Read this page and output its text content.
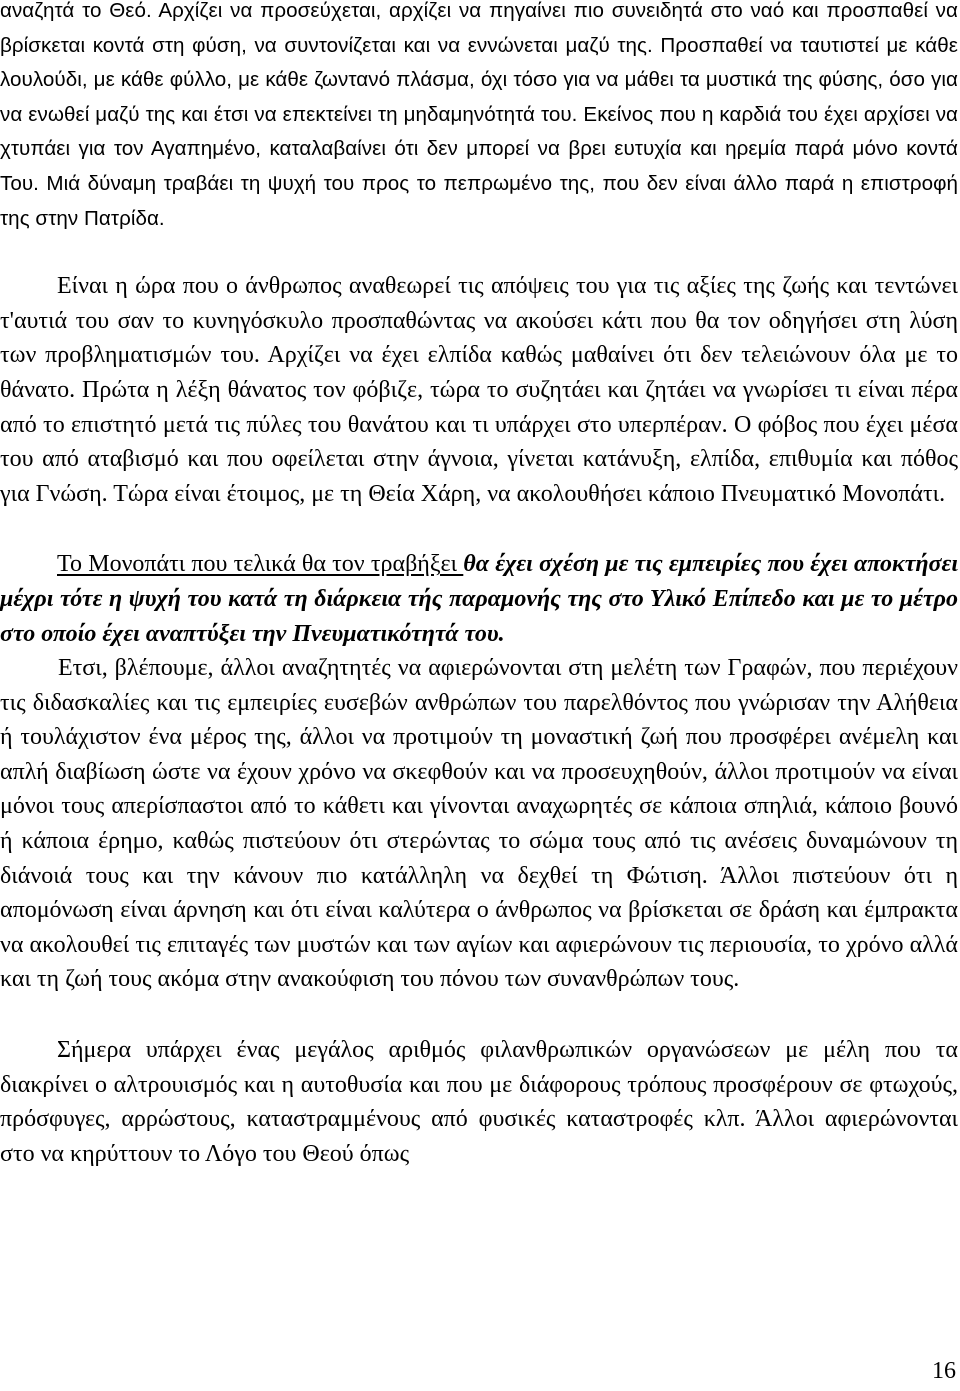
αναζητά το Θεό. Αρχίζει να προσεύχεται, αρχίζει να πηγαίνει πιο συνειδητά στο ναό και προσπαθεί να βρίσκεται κοντά στη φύση, να συντονίζεται και να εννώνεται μαζύ της. Προσπαθεί να ταυτιστεί με κάθε λουλούδι, με κάθε φύλλο, με κάθε ζωντανό πλάσμα, όχι τόσο για να μάθει τα μυστικά της φύσης, όσο για να ενωθεί μαζύ της και έτσι να επεκτείνει τη μηδαμηνότητά του. Εκείνος που η καρδιά του έχει αρχίσει να χτυπάει για τον Αγαπημένο, καταλαβαίνει ότι δεν μπορεί να βρει ευτυχία και ηρεμία παρά μόνο κοντά Του. Μιά δύναμη τραβάει τη ψυχή του προς το πεπρωμένο της, που δεν είναι άλλο παρά η επιστροφή της στην Πατρίδα.

Είναι η ώρα που ο άνθρωπος αναθεωρεί τις απόψεις του για τις αξίες της ζωής και τεντώνει τ'αυτιά του σαν το κυνηγόσκυλο προσπαθώντας να ακούσει κάτι που θα τον οδηγήσει στη λύση των προβληματισμών του. Αρχίζει να έχει ελπίδα καθώς μαθαίνει ότι δεν τελειώνουν όλα με το θάνατο. Πρώτα η λέξη θάνατος τον φόβιζε, τώρα το συζητάει και ζητάει να γνωρίσει τι είναι πέρα από το επιστητό μετά τις πύλες του θανάτου και τι υπάρχει στο υπερπέραν. Ο φόβος που έχει μέσα του από αταβισμό και που οφείλεται στην άγνοια, γίνεται κατάνυξη, ελπίδα, επιθυμία και πόθος για Γνώση. Τώρα είναι έτοιμος, με τη Θεία Χάρη, να ακολουθήσει κάποιο Πνευματικό Μονοπάτι.

Το Μονοπάτι που τελικά θα τον τραβήξει θα έχει σχέση με τις εμπειρίες που έχει αποκτήσει μέχρι τότε η ψυχή του κατά τη διάρκεια τής παραμονής της στο Υλικό Επίπεδο και με το μέτρο στο οποίο έχει αναπτύξει την Πνευματικότητά του.

Ετσι, βλέπουμε, άλλοι αναζητητές να αφιερώνονται στη μελέτη των Γραφών, που περιέχουν τις διδασκαλίες και τις εμπειρίες ευσεβών ανθρώπων του παρελθόντος που γνώρισαν την Αλήθεια ή τουλάχιστον ένα μέρος της, άλλοι να προτιμούν τη μοναστική ζωή που προσφέρει ανέμελη και απλή διαβίωση ώστε να έχουν χρόνο να σκεφθούν και να προσευχηθούν, άλλοι προτιμούν να είναι μόνοι τους απερίσπαστοι από το κάθετι και γίνονται αναχωρητές σε κάποια σπηλιά, κάποιο βουνό ή κάποια έρημο, καθώς πιστεύουν ότι στερώντας το σώμα τους από τις ανέσεις δυναμώνουν τη διάνοιά τους και την κάνουν πιο κατάλληλη να δεχθεί τη Φώτιση. Άλλοι πιστεύουν ότι η απομόνωση είναι άρνηση και ότι είναι καλύτερα ο άνθρωπος να βρίσκεται σε δράση και έμπρακτα να ακολουθεί τις επιταγές των μυστών και των αγίων και αφιερώνουν τις περιουσία, το χρόνο αλλά και τη ζωή τους ακόμα στην ανακούφιση του πόνου των συνανθρώπων τους.

Σήμερα υπάρχει ένας μεγάλος αριθμός φιλανθρωπικών οργανώσεων με μέλη που τα διακρίνει ο αλτρουισμός και η αυτοθυσία και που με διάφορους τρόπους προσφέρουν σε φτωχούς, πρόσφυγες, αρρώστους, καταστραμμένους από φυσικές καταστροφές κλπ. Άλλοι αφιερώνονται στο να κηρύττουν το Λόγο του Θεού όπως

16
